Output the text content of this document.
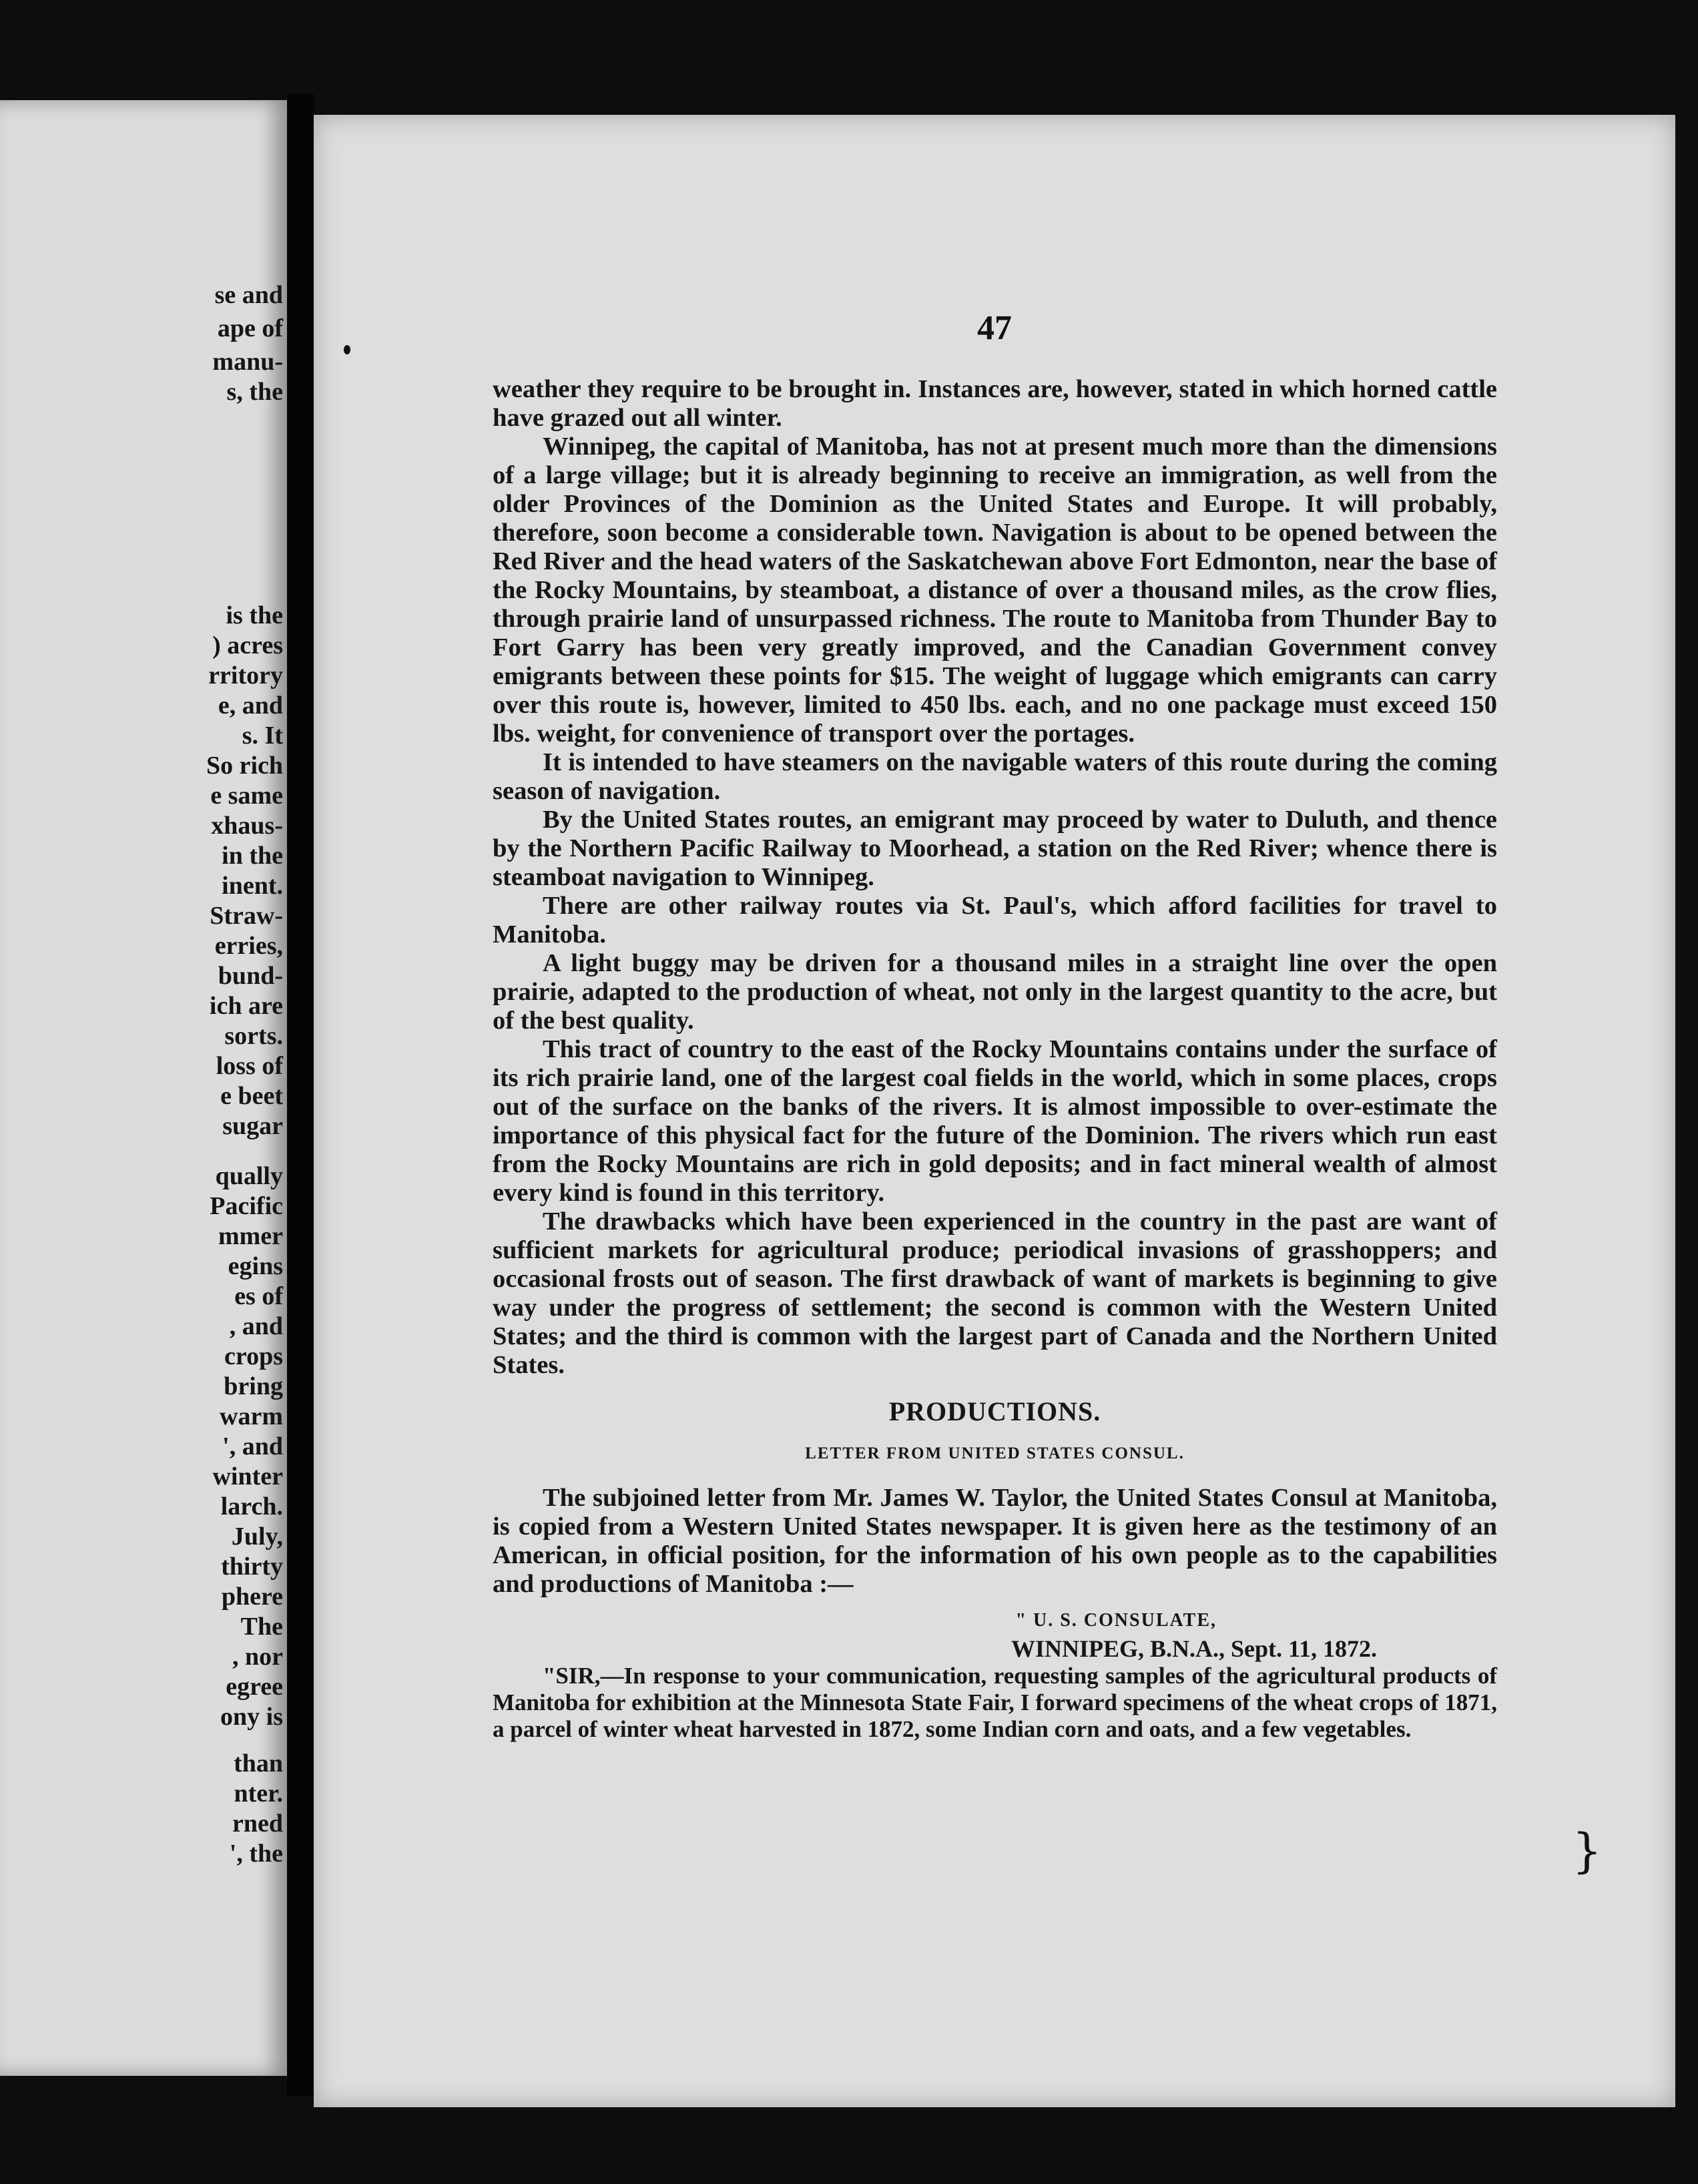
se and
ape of
manu-
s, the
is the
) acres
rritory
e, and
s. It
So rich
e same
xhaus-
in the
inent.
Straw-
erries,
bund-
ich are
sorts.
loss of
e beet
sugar
qually
Pacific
mmer
egins
es of
, and
crops
bring
warm
', and
winter
larch.
July,
thirty
phere
The
, nor
egree
ony is
than
nter.
rned
', the
47

weather they require to be brought in. Instances are, however, stated in which horned cattle have grazed out all winter.

Winnipeg, the capital of Manitoba, has not at present much more than the dimensions of a large village; but it is already beginning to receive an immigration, as well from the older Provinces of the Dominion as the United States and Europe. It will probably, therefore, soon become a considerable town. Navigation is about to be opened between the Red River and the head waters of the Saskatchewan above Fort Edmonton, near the base of the Rocky Mountains, by steamboat, a distance of over a thousand miles, as the crow flies, through prairie land of unsurpassed richness. The route to Manitoba from Thunder Bay to Fort Garry has been very greatly improved, and the Canadian Government convey emigrants between these points for $15. The weight of luggage which emigrants can carry over this route is, however, limited to 450 lbs. each, and no one package must exceed 150 lbs. weight, for convenience of transport over the portages.

It is intended to have steamers on the navigable waters of this route during the coming season of navigation.

By the United States routes, an emigrant may proceed by water to Duluth, and thence by the Northern Pacific Railway to Moorhead, a station on the Red River; whence there is steamboat navigation to Winnipeg.

There are other railway routes via St. Paul's, which afford facilities for travel to Manitoba.

A light buggy may be driven for a thousand miles in a straight line over the open prairie, adapted to the production of wheat, not only in the largest quantity to the acre, but of the best quality.

This tract of country to the east of the Rocky Mountains contains under the surface of its rich prairie land, one of the largest coal fields in the world, which in some places, crops out of the surface on the banks of the rivers. It is almost impossible to over-estimate the importance of this physical fact for the future of the Dominion. The rivers which run east from the Rocky Mountains are rich in gold deposits; and in fact mineral wealth of almost every kind is found in this territory.

The drawbacks which have been experienced in the country in the past are want of sufficient markets for agricultural produce; periodical invasions of grasshoppers; and occasional frosts out of season. The first drawback of want of markets is beginning to give way under the progress of settlement; the second is common with the Western United States; and the third is common with the largest part of Canada and the Northern United States.

PRODUCTIONS.
LETTER FROM UNITED STATES CONSUL.

The subjoined letter from Mr. James W. Taylor, the United States Consul at Manitoba, is copied from a Western United States newspaper. It is given here as the testimony of an American, in official position, for the information of his own people as to the capabilities and productions of Manitoba :—

" U. S. CONSULATE,
WINNIPEG, B.N.A., Sept. 11, 1872.

"SIR,—In response to your communication, requesting samples of the agricultural products of Manitoba for exhibition at the Minnesota State Fair, I forward specimens of the wheat crops of 1871, a parcel of winter wheat harvested in 1872, some Indian corn and oats, and a few vegetables.

}
